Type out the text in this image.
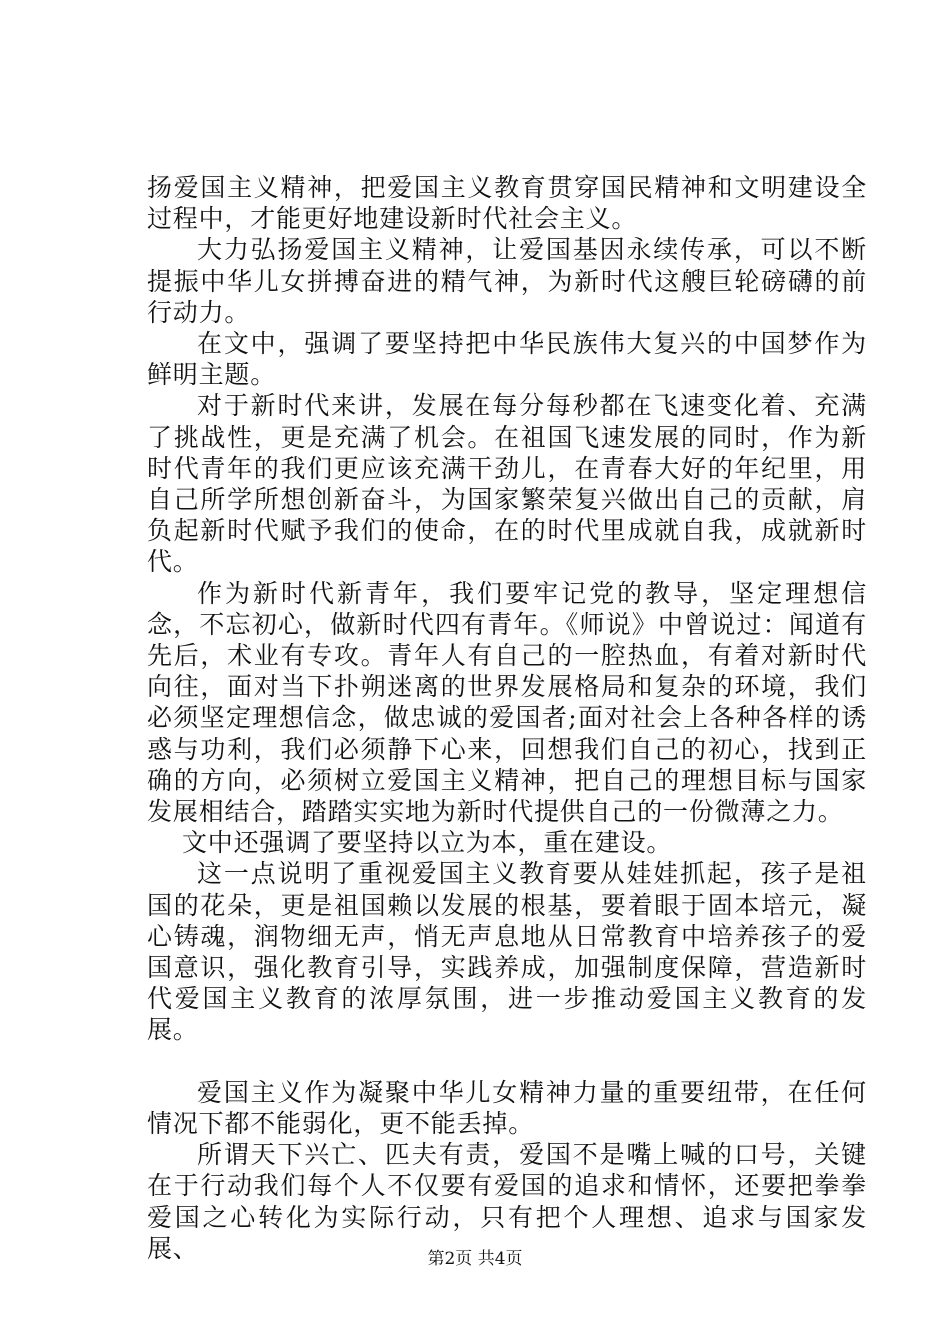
扬爱国主义精神，把爱国主义教育贯穿国民精神和文明建设全过程中，才能更好地建设新时代社会主义。

大力弘扬爱国主义精神，让爱国基因永续传承，可以不断提振中华儿女拼搏奋进的精气神，为新时代这艘巨轮磅礴的前行动力。

在文中，强调了要坚持把中华民族伟大复兴的中国梦作为鲜明主题。

对于新时代来讲，发展在每分每秒都在飞速变化着、充满了挑战性，更是充满了机会。在祖国飞速发展的同时，作为新时代青年的我们更应该充满干劲儿，在青春大好的年纪里，用自己所学所想创新奋斗，为国家繁荣复兴做出自己的贡献，肩负起新时代赋予我们的使命，在的时代里成就自我，成就新时代。

作为新时代新青年，我们要牢记党的教导，坚定理想信念，不忘初心，做新时代四有青年。《师说》中曾说过：闻道有先后，术业有专攻。青年人有自己的一腔热血，有着对新时代向往，面对当下扑朔迷离的世界发展格局和复杂的环境，我们必须坚定理想信念，做忠诚的爱国者;面对社会上各种各样的诱惑与功利，我们必须静下心来，回想我们自己的初心，找到正确的方向，必须树立爱国主义精神，把自己的理想目标与国家发展相结合，踏踏实实地为新时代提供自己的一份微薄之力。

文中还强调了要坚持以立为本，重在建设。

这一点说明了重视爱国主义教育要从娃娃抓起，孩子是祖国的花朵，更是祖国赖以发展的根基，要着眼于固本培元，凝心铸魂，润物细无声，悄无声息地从日常教育中培养孩子的爱国意识，强化教育引导，实践养成，加强制度保障，营造新时代爱国主义教育的浓厚氛围，进一步推动爱国主义教育的发展。

爱国主义作为凝聚中华儿女精神力量的重要纽带，在任何情况下都不能弱化，更不能丢掉。

所谓天下兴亡、匹夫有责，爱国不是嘴上喊的口号，关键在于行动我们每个人不仅要有爱国的追求和情怀，还要把拳拳爱国之心转化为实际行动，只有把个人理想、追求与国家发展、	第2页 共4页
